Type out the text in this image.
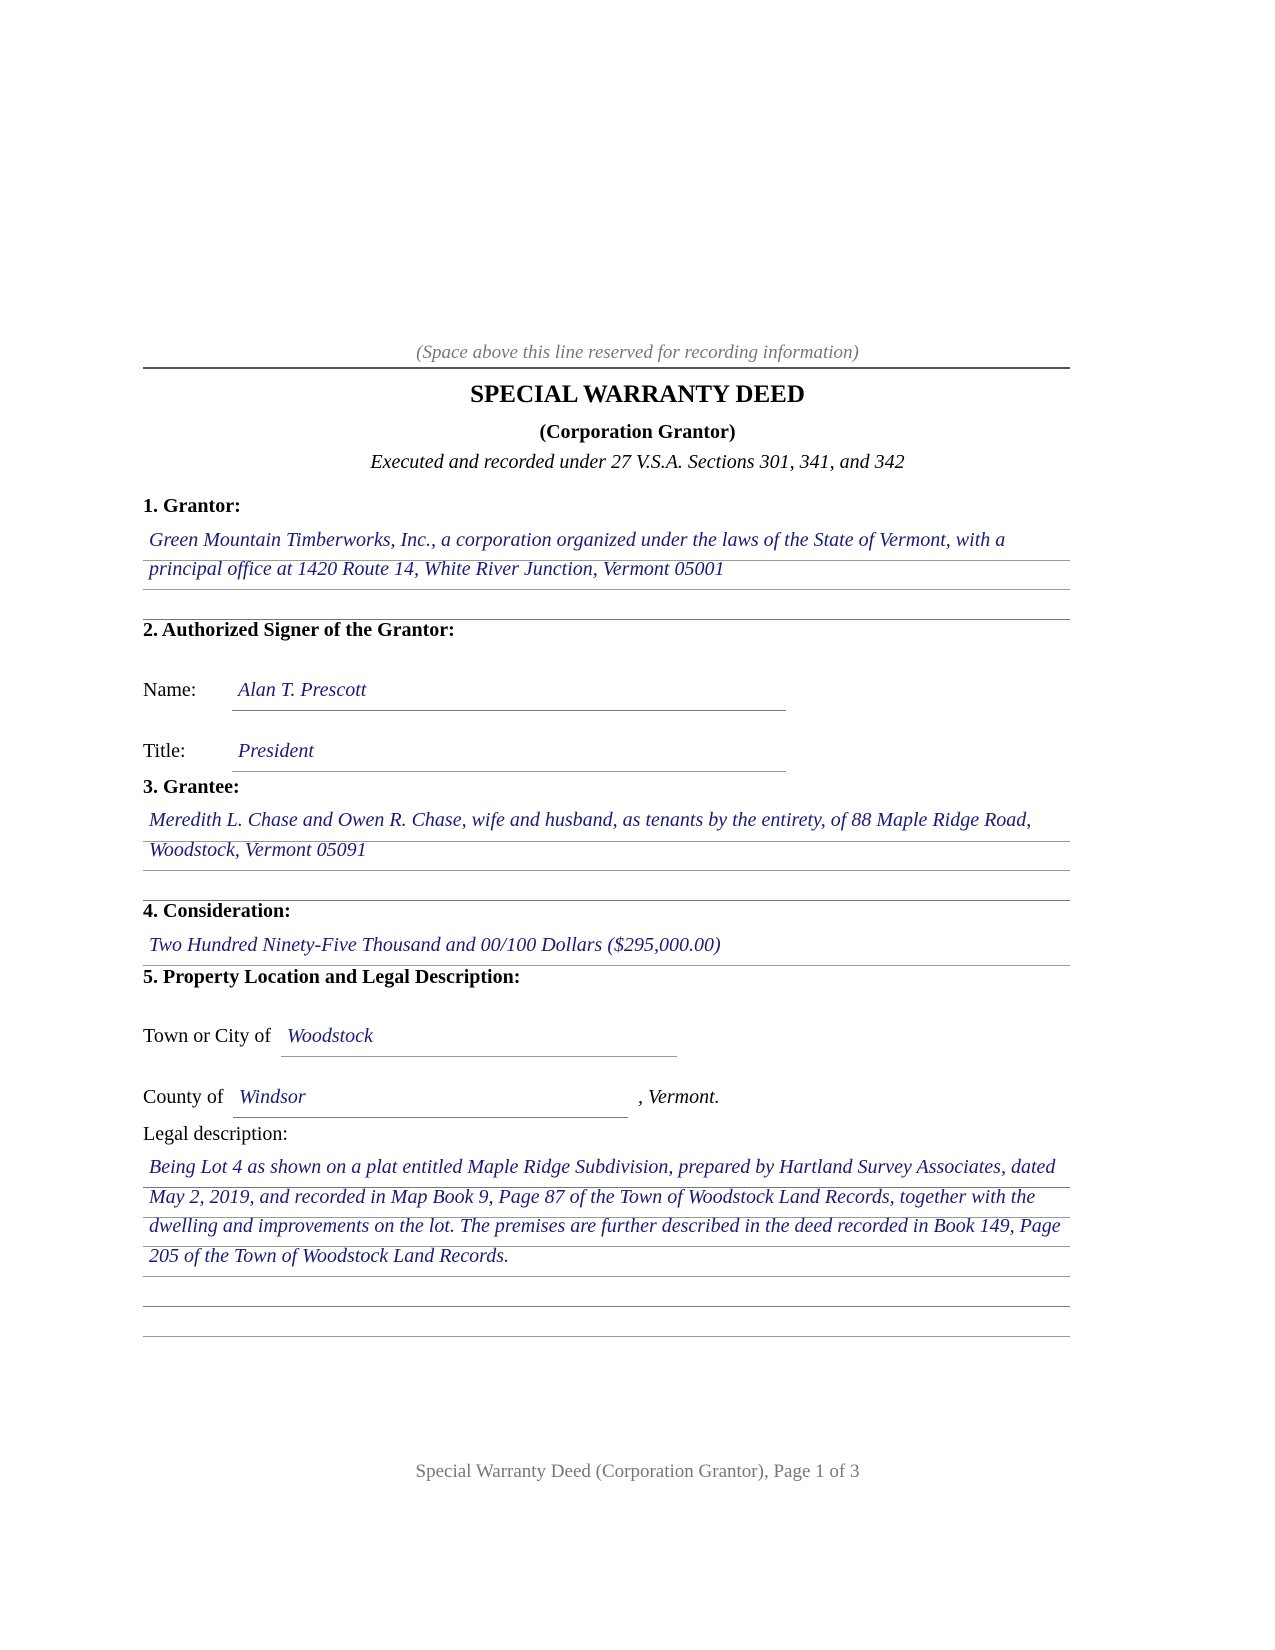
(Space above this line reserved for recording information)
SPECIAL WARRANTY DEED
(Corporation Grantor)
Executed and recorded under 27 V.S.A. Sections 301, 341, and 342
1. Grantor:
Green Mountain Timberworks, Inc., a corporation organized under the laws of the State of Vermont, with a
principal office at 1420 Route 14, White River Junction, Vermont 05001
2. Authorized Signer of the Grantor:
Name: Alan T. Prescott
Title:	President
3. Grantee:
Meredith L. Chase and Owen R. Chase, wife and husband, as tenants by the entirety, of 88 Maple Ridge Road,
Woodstock, Vermont 05091
4. Consideration:
Two Hundred Ninety-Five Thousand and 00/100 Dollars ($295,000.00)
5. Property Location and Legal Description:
Town or City of Woodstock
County of Windsor	, Vermont.
Legal description:
Being Lot 4 as shown on a plat entitled Maple Ridge Subdivision, prepared by Hartland Survey Associates, dated
May 2, 2019, and recorded in Map Book 9, Page 87 of the Town of Woodstock Land Records, together with the
dwelling and improvements on the lot. The premises are further described in the deed recorded in Book 149, Page
205 of the Town of Woodstock Land Records.
Special Warranty Deed (Corporation Grantor), Page 1 of 3
